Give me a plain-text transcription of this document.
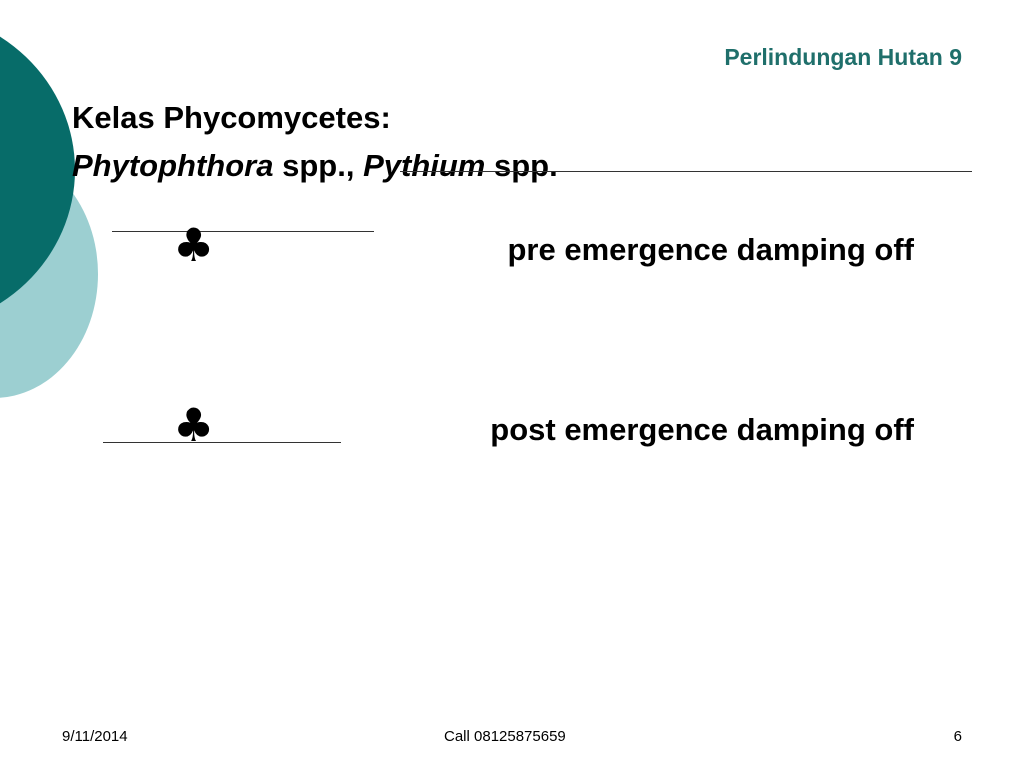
Perlindungan Hutan 9
Kelas Phycomycetes:
Phytophthora spp., Pythium spp.
♣	pre emergence damping off
♣	post emergence damping off
9/11/2014	Call 08125875659	6
